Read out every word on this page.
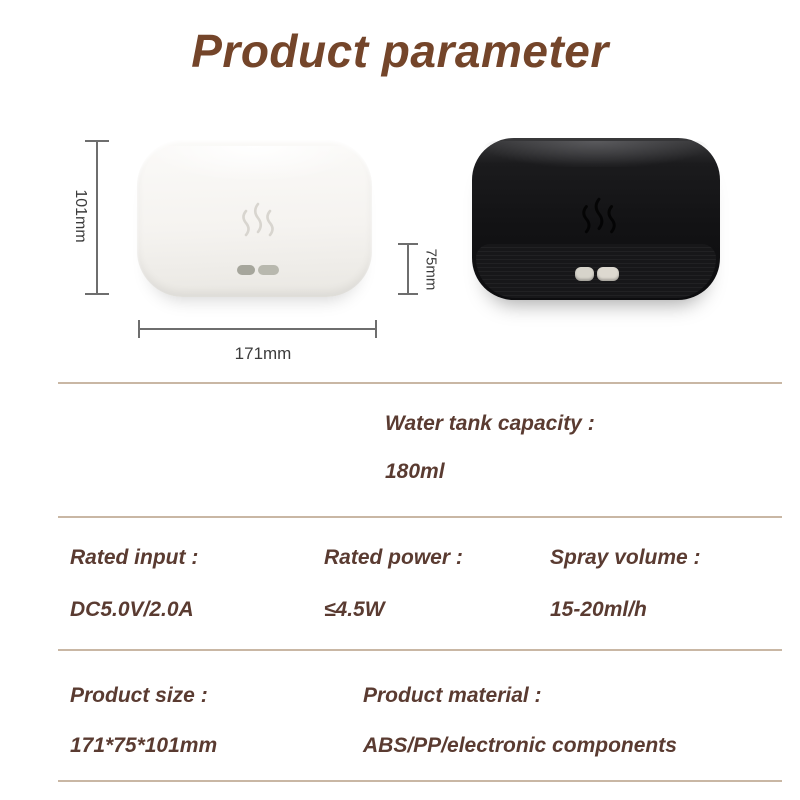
Product parameter
101mm
171mm
75mm
Water tank capacity :
180ml
Rated input :
DC5.0V/2.0A
Rated power :
≤4.5W
Spray volume :
15-20ml/h
Product size :
171*75*101mm
Product material :
ABS/PP/electronic components
